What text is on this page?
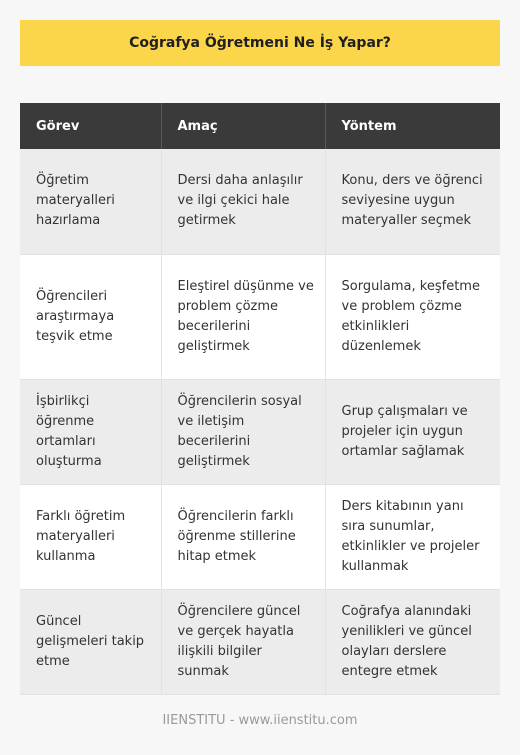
Coğrafya Öğretmeni Ne İş Yapar?
Görev	Amaç	Yöntem
Öğretim materyalleri hazırlama	Dersi daha anlaşılır ve ilgi çekici hale getirmek	Konu, ders ve öğrenci seviyesine uygun materyaller seçmek
Öğrencileri araştırmaya teşvik etme	Eleştirel düşünme ve problem çözme becerilerini geliştirmek	Sorgulama, keşfetme ve problem çözme etkinlikleri düzenlemek
İşbirlikçi öğrenme ortamları oluşturma	Öğrencilerin sosyal ve iletişim becerilerini geliştirmek	Grup çalışmaları ve projeler için uygun ortamlar sağlamak
Farklı öğretim materyalleri kullanma	Öğrencilerin farklı öğrenme stillerine hitap etmek	Ders kitabının yanı sıra sunumlar, etkinlikler ve projeler kullanmak
Güncel gelişmeleri takip etme	Öğrencilere güncel ve gerçek hayatla ilişkili bilgiler sunmak	Coğrafya alanındaki yenilikleri ve güncel olayları derslere entegre etmek
IIENSTITU - www.iienstitu.com
